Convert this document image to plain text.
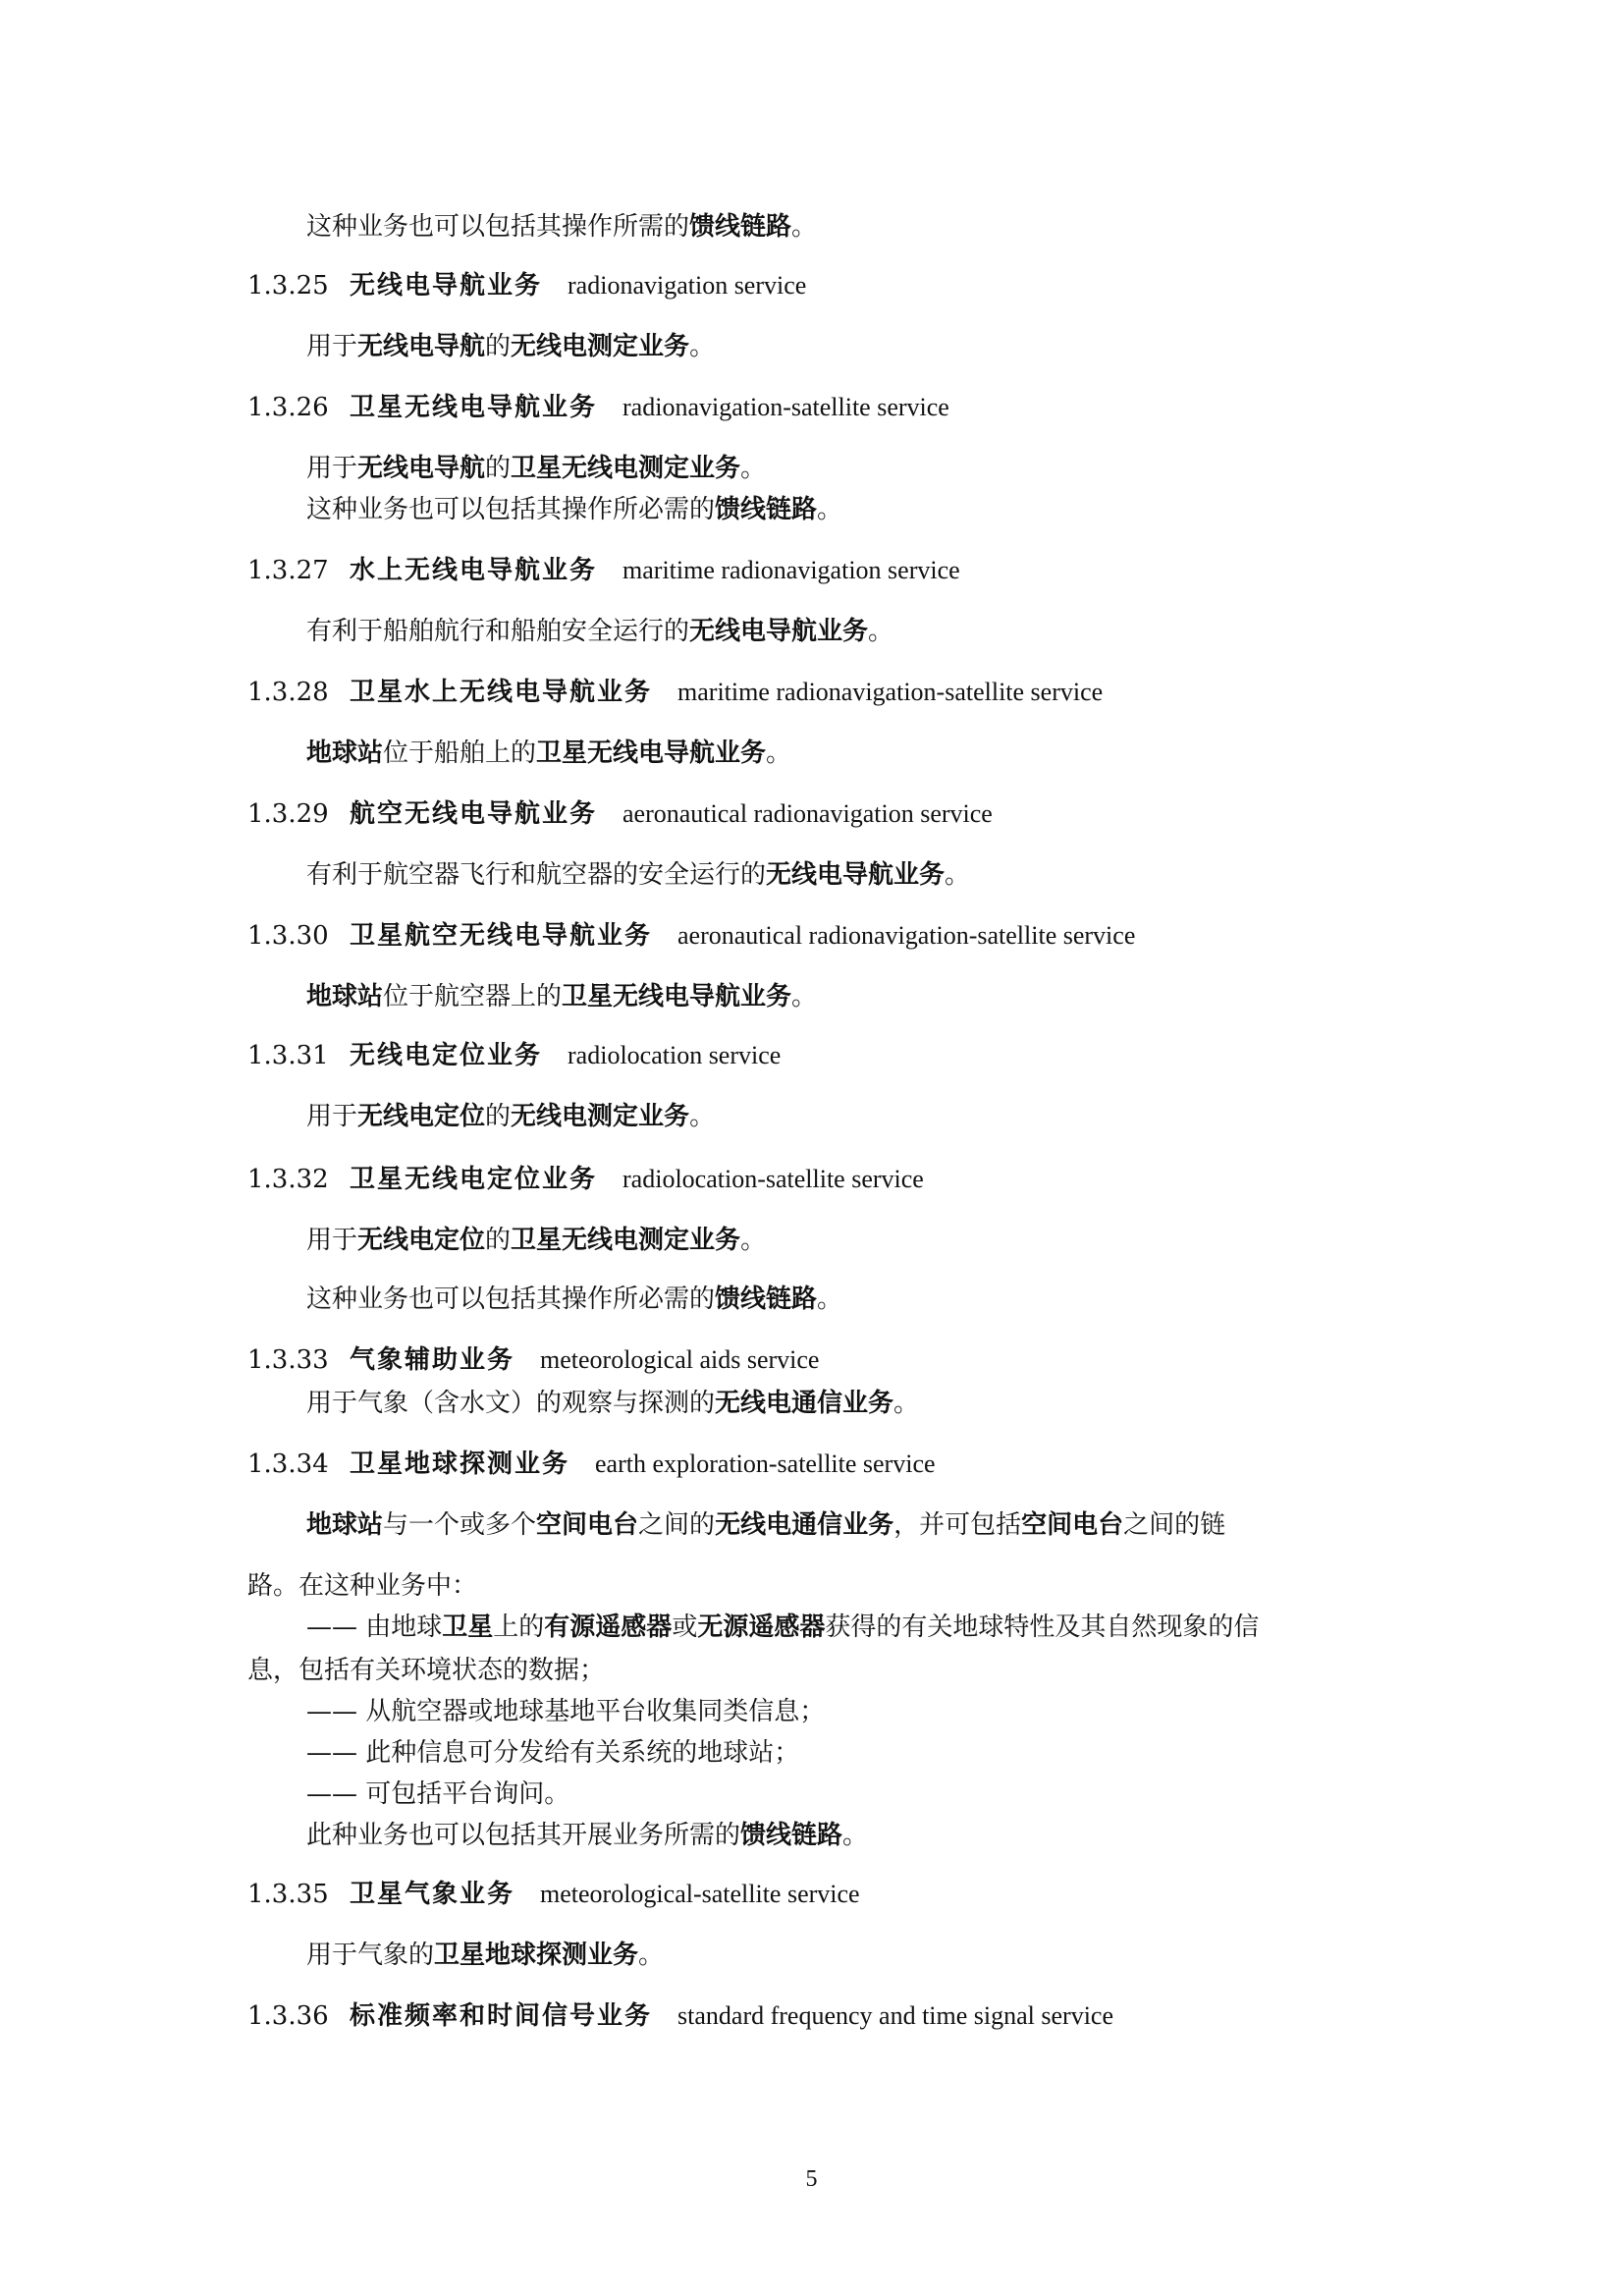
这种业务也可以包括其操作所需的馈线链路。
1.3.25 无线电导航业务 radionavigation service
用于无线电导航的无线电测定业务。
1.3.26 卫星无线电导航业务 radionavigation-satellite service
用于无线电导航的卫星无线电测定业务。
这种业务也可以包括其操作所必需的馈线链路。
1.3.27 水上无线电导航业务 maritime radionavigation service
有利于船舶航行和船舶安全运行的无线电导航业务。
1.3.28 卫星水上无线电导航业务 maritime radionavigation-satellite service
地球站位于船舶上的卫星无线电导航业务。
1.3.29 航空无线电导航业务 aeronautical radionavigation service
有利于航空器飞行和航空器的安全运行的无线电导航业务。
1.3.30 卫星航空无线电导航业务 aeronautical radionavigation-satellite service
地球站位于航空器上的卫星无线电导航业务。
1.3.31 无线电定位业务 radiolocation service
用于无线电定位的无线电测定业务。
1.3.32 卫星无线电定位业务 radiolocation-satellite service
用于无线电定位的卫星无线电测定业务。
这种业务也可以包括其操作所必需的馈线链路。
1.3.33 气象辅助业务 meteorological aids service
用于气象（含水文）的观察与探测的无线电通信业务。
1.3.34 卫星地球探测业务 earth exploration-satellite service
地球站与一个或多个空间电台之间的无线电通信业务，并可包括空间电台之间的链
路。在这种业务中：
—— 由地球卫星上的有源遥感器或无源遥感器获得的有关地球特性及其自然现象的信
息，包括有关环境状态的数据；
—— 从航空器或地球基地平台收集同类信息；
—— 此种信息可分发给有关系统的地球站；
—— 可包括平台询问。
此种业务也可以包括其开展业务所需的馈线链路。
1.3.35 卫星气象业务 meteorological-satellite service
用于气象的卫星地球探测业务。
1.3.36 标准频率和时间信号业务 standard frequency and time signal service
5
